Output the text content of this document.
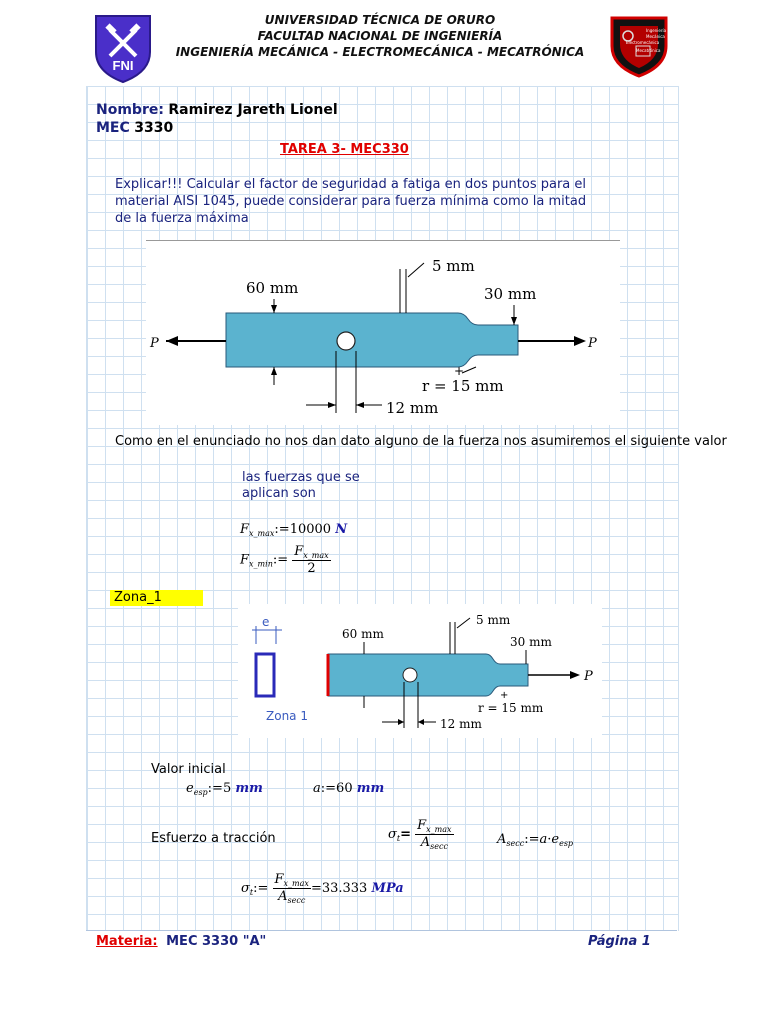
FNI
UNIVERSIDAD TÉCNICA DE ORURO
FACULTAD NACIONAL DE INGENIERÍA
INGENIERÍA MECÁNICA - ELECTROMECÁNICA - MECATRÓNICA
Ingeniería
Mecánica
Electromecánica
Mecatrónica
Nombre: Ramirez Jareth Lionel
MEC 3330
TAREA 3- MEC330
Explicar!!! Calcular el factor de seguridad a fatiga en dos puntos para el material AISI 1045, puede considerar para fuerza mínima como la mitad de la fuerza máxima
P	P
60 mm
5 mm
30 mm
+
r = 15 mm
12 mm
Como en el enunciado no nos dan dato alguno de la fuerza nos asumiremos el siguiente valor
las fuerzas que se
aplican son
$F_{x\_max}:=10000$ N
$F_{x\_min}:= \frac{F_{x\_max}}{2}$
Zona_1
e
Zona 1
P
60 mm
5 mm
30 mm
+
r = 15 mm
12 mm
Valor inicial
$e_{esp}:=5$ mm	a:=60 mm
Esfuerzo a tracción	$\sigma_t= \frac{F_{x\_max}}{A_{secc}}$	$A_{secc}:=a\cdot e_{esp}$
$\sigma_t:= \frac{F_{x\_max}}{A_{secc}} =33.333$ MPa
Materia: MEC 3330 "A"	Página 1
